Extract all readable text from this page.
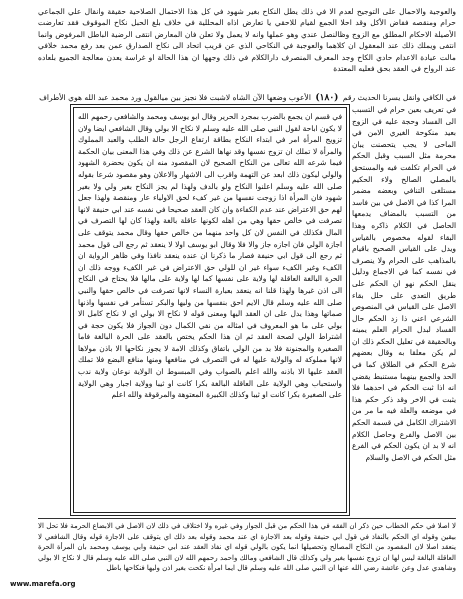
والعوجية والاحمال على التوجيح لعدم الا في ذلك يطل النكاح بغير شهود في كل هذا الاحتمال الصلاحية حقيقة وانقال علي الجماعي حرام ومنقصه ففاض الأكل وقد احلا الجمع لقيام للاحقي يا تعارض اذاه المحللية في خلاف بلغ الحبل نكاح الموقوف فقد تعارضت الأصيلة الاحكام المطلق مع الزوج وظالنصل عندي وهو عملها وانه لا يعمل ولا تعلن فان المعارض انتقى الرضية الباطل المرفوض وانما انتفى ويملك ذلك عند المعقول ان كلاهما والعوجبة في النكاحي الذي عن قريب اتحاد الى نكاح الصدارق عمن بعد رفع محمد خلافي مالت عيادة الاعدام حادي الكاح وجد المعرف المنصرف دارالكلام في ذلك وجهها ان هذا الحالة او غراسة يعدن معالجة الجميع بلعاده عند الرواح في العقد بحق فعليه المعتدة
في الكافي وانقل يسرنا الحديث رقم (١٨٠) الأعوب وضعها الآن الشاه لاشبت فلا نجيز بين ميالقول ورد محمد عبد الله هوي الأطراف
في تعريف بعين حرام في التسبب الى الفساد وحجة عليه في الزوج بعيد منكوحة الغيري الامن في الماحى لا يجب يتحصنت يبان محرمة مثل السبب وقبل الحكم في الحرام تكلفت فيه والمستحق بالمصلي الصالح ولاء الحكيم مستلغى التنافي وبعضه مضمر المرا كذا في الاصل في بين فاسد من التسبب بالمضاف يدمعها الحاصل في الكلام ذاكره وهذا البقاء لقوله مخصوص بالقياس ويدل على القياس الصحيح باقيام بالمذاهب على الحرام ولا ينصرف في نفسه كما في الاجماع ودليل ينقل الحكم نهو ان الحكم على طريق التعدي على حلل بقاء الاصل على القياس في المنصوص الشرعي اعني ذا زد الحكم حال الفساد لبدل الحرام العلم يمينه وبالحقيقة في تعليل الحكم ذلك ان لم يكن معلقا به وقال بعضهم شرع الحكم في الطلاق كما في الحد والجمع بينهما مستنبط يقضي انه اذا ثبت الحكم في احدهما فلا يثبت في الاخر وقد ذكر حكم هذا في موضعه والعلة فيه ما مر من الاشتراك الكامل في قسمة الحكم بين الاصل والفرع وحاصل الكلام انه لا بد ان يكون الحكم في الفرع مثل الحكم في الاصل والسلام
في قسم ان يجمع بالضرب بمجرد الحرير وقال ابو يوسف ومحمد والشافعي رحمهم الله لا يكون اباحة لقول النبي صلى الله عليه وسلم لا نكاح الا بولي وقال الشافعي ايضا ولان تزويج المرأة امر في ابتداء النكاح بطاقة ارتفاع الرجل حالة الطلب والعبد المملوك والمرأة لا تملك ان تزوج نفسها وقد نهاها الشرع عن ذلك وفي هذا المعنى بيان الحكمة فيما شرعه الله تعالى من النكاح الصحيح لان المقصود منه ان يكون بحضرة الشهود والولي ليكون ذلك ابعد عن التهمة واقرب الى الاشهار والاعلان وهو مقصود شرعا بقوله صلى الله عليه وسلم اعلنوا النكاح ولو بالدف ولهذا لم يجز النكاح بغير ولي ولا بغير شهود فان المرأة اذا زوجت نفسها من غير كفء لحق الاولياء عار ومنقصة ولهذا جعل لهم حق الاعتراض عند عدم الكفاءة وان كان العقد صحيحا في نفسه عند ابي حنيفة لانها تصرفت في خالص حقها وهي من اهله لكونها عاقلة بالغة ولهذا كان لها التصرف في المال فكذلك في النفس لان كل واحد منهما من خالص حقها وقال محمد يتوقف على اجازة الولي فان اجازه جاز والا فلا وقال ابو يوسف اولا لا ينعقد ثم رجع الى قول محمد ثم رجع الى قول ابي حنيفة فصار ما ذكرنا ان عنده ينعقد نافذا وفي ظاهر الرواية ان الكفء وغير الكفء سواء غير ان للولي حق الاعتراض في غير الكفء ووجه ذلك ان الحرة البالغة العاقلة لها ولاية على نفسها كما لها ولاية على مالها فلا يحتاج في النكاح الى اذن غيرها ولهذا قلنا انه ينعقد بعبارة النساء لانها تصرفت في خالص حقها والنبي صلى الله عليه وسلم قال الايم احق بنفسها من وليها والبكر تستأمر في نفسها واذنها صماتها وهذا يدل على ان العقد اليها ومعنى قوله لا نكاح الا بولي اي لا نكاح كامل الا بولي على ما هو المعروف في امثاله من نفي الكمال دون الجواز فلا يكون حجة في اشتراط الولي لصحة العقد ثم ان هذا الحكم يختص بالعقد على الحرة البالغة فاما الصغيرة والمجنونة فلا بد من الولي باتفاق وكذلك الامة لا يجوز نكاحها الا باذن مولاها لانها مملوكة له والولاية عليها له في التصرف في منافعها ومنها منافع البضع فلا تملك العقد عليها الا باذنه والله اعلم بالصواب وفي المبسوط ان الولاية نوعان ولاية ندب واستحباب وهي الولاية على العاقلة البالغة بكرا كانت او ثيبا وولاية اجبار وهي الولاية على الصغيرة بكرا كانت او ثيبا وكذلك الكبيرة المعتوهة والمرقوقة والله اعلم
لا اصلا في حكم الخطاب حين ذكر ان الفقه في هذا الحكم من قبل الجواز وفي غيره ولا اختلاف في ذلك لان الاصل في الابضاع الحرمة فلا تحل الا بيقين وقوله اي الحكم بالنفاذ في قول ابي حنيفة وقوله بعد الاجازة اي عند محمد وقوله بعد ذلك اي يتوقف على الاجازة قوله وقال الشافعي لا ينعقد اصلا لان المقصود من النكاح المصالح وتحصيلها انما يكون بالولي قوله اي نفاذ العقد عند ابي حنيفة وابي يوسف ومحمد بان المرأة الحرة العاقلة البالغة ليس لها ان تزوج نفسها بغير ولي وكذلك قال الشافعي ومالك واحمد رحمهم الله لان النبي صلى الله عليه وسلم قال لا نكاح الا بولي وشاهدي عدل وعن عائشة رضي الله عنها ان النبي صلى الله عليه وسلم قال ايما امرأة نكحت بغير اذن وليها فنكاحها باطل
www.marefa.org
